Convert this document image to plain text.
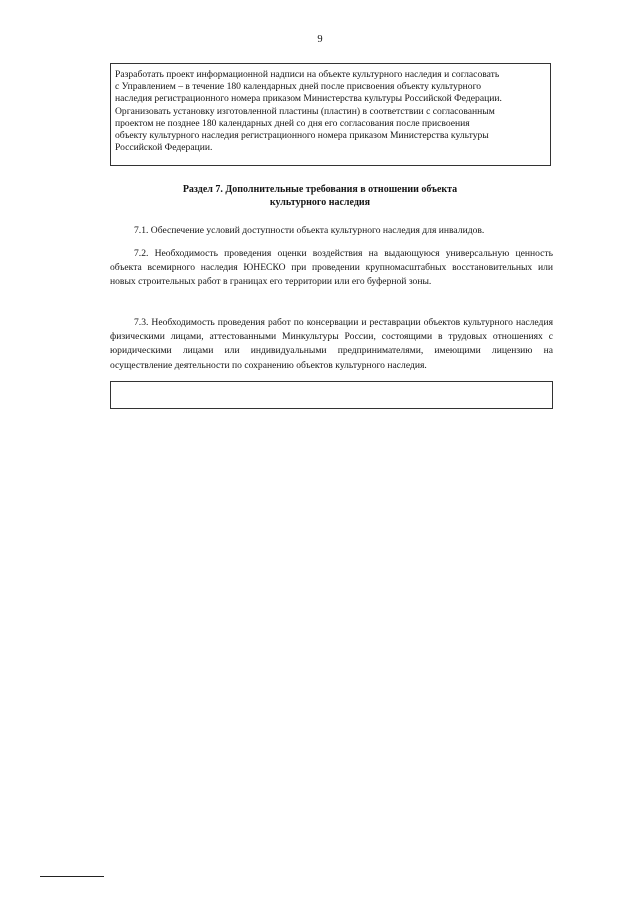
9
Разработать проект информационной надписи на объекте культурного наследия и согласовать
с Управлением – в течение 180 календарных дней после присвоения объекту культурного
наследия регистрационного номера приказом Министерства культуры Российской Федерации.
Организовать установку изготовленной пластины (пластин) в соответствии с согласованным
проектом не позднее 180 календарных дней со дня его согласования после присвоения
объекту культурного наследия регистрационного номера приказом Министерства культуры
Российской Федерации.
Раздел 7. Дополнительные требования в отношении объекта
культурного наследия

7.1. Обеспечение условий доступности объекта культурного наследия для инвалидов.

7.2. Необходимость проведения оценки воздействия на выдающуюся универсальную ценность объекта всемирного наследия ЮНЕСКО при проведении крупномасштабных восстановительных или новых строительных работ в границах его территории или его буферной зоны.

7.3. Необходимость проведения работ по консервации и реставрации объектов культурного наследия физическими лицами, аттестованными Минкультуры России, состоящими в трудовых отношениях с юридическими лицами или индивидуальными предпринимателями, имеющими лицензию на осуществление деятельности по сохранению объектов культурного наследия.
